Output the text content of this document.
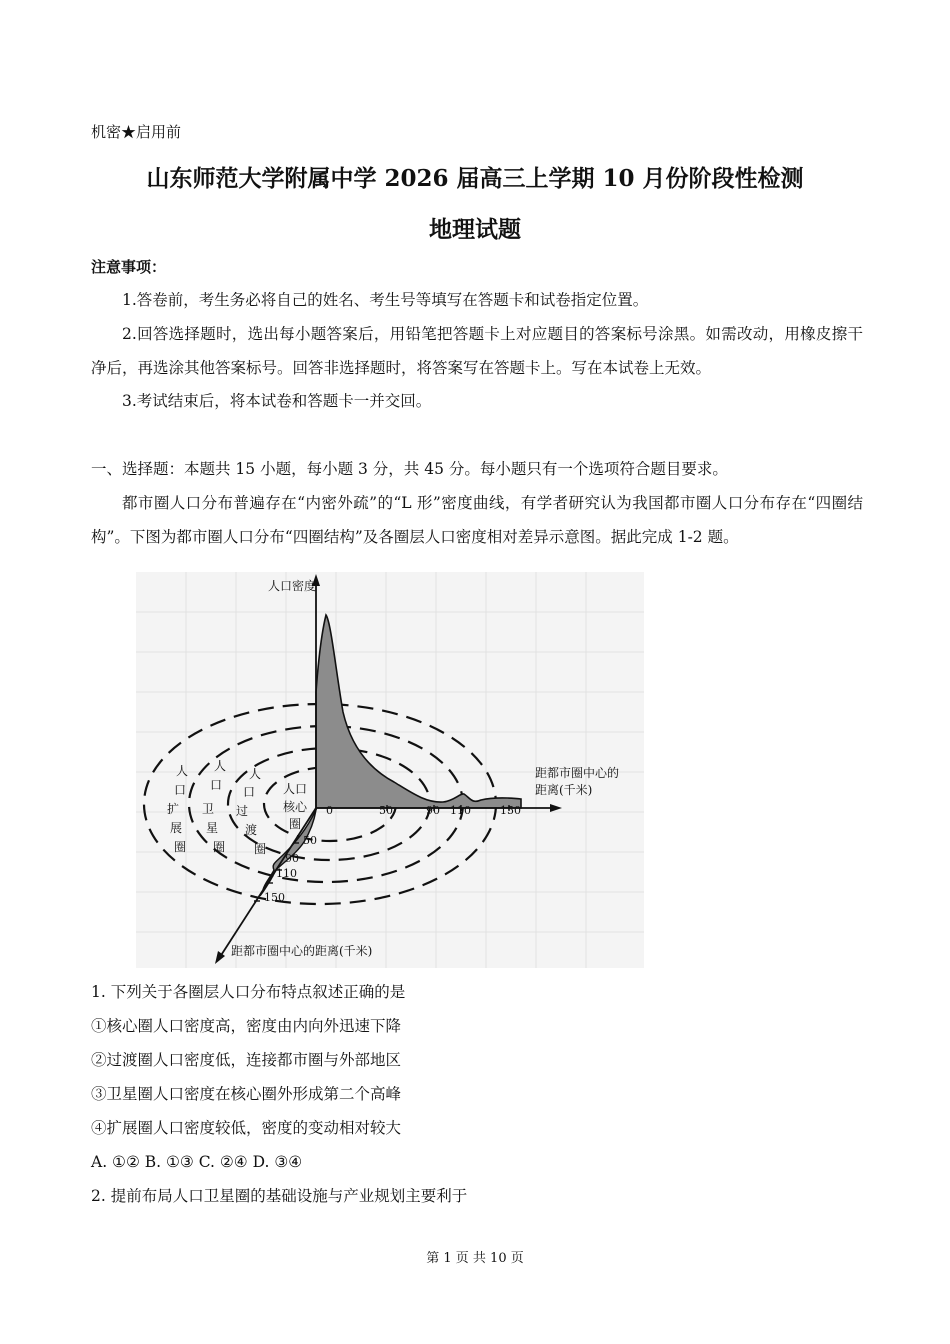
机密★启用前
山东师范大学附属中学 2026 届高三上学期 10 月份阶段性检测
地理试题
注意事项：
1.答卷前，考生务必将自己的姓名、考生号等填写在答题卡和试卷指定位置。
2.回答选择题时，选出每小题答案后，用铅笔把答题卡上对应题目的答案标号涂黑。如需改动，用橡皮擦干净后，再选涂其他答案标号。回答非选择题时，将答案写在答题卡上。写在本试卷上无效。
3.考试结束后，将本试卷和答题卡一并交回。
一、选择题：本题共 15 小题，每小题 3 分，共 45 分。每小题只有一个选项符合题目要求。
都市圈人口分布普遍存在“内密外疏”的“L 形”密度曲线，有学者研究认为我国都市圈人口分布存在“四圈结构”。下图为都市圈人口分布“四圈结构”及各圈层人口密度相对差异示意图。据此完成 1-2 题。
0	50	90 110	150
50
90
110
150
人口密度
距都市圈中心的
距离(千米)
距都市圈中心的距离(千米)
人
口
扩
展
圈
人
口
卫
星
圈
人
口
过
渡
圈
人口
核心
圈
1. 下列关于各圈层人口分布特点叙述正确的是
①核心圈人口密度高，密度由内向外迅速下降
②过渡圈人口密度低，连接都市圈与外部地区
③卫星圈人口密度在核心圈外形成第二个高峰
④扩展圈人口密度较低，密度的变动相对较大
A. ①② B. ①③ C. ②④ D. ③④
2. 提前布局人口卫星圈的基础设施与产业规划主要利于
第 1 页 共 10 页
